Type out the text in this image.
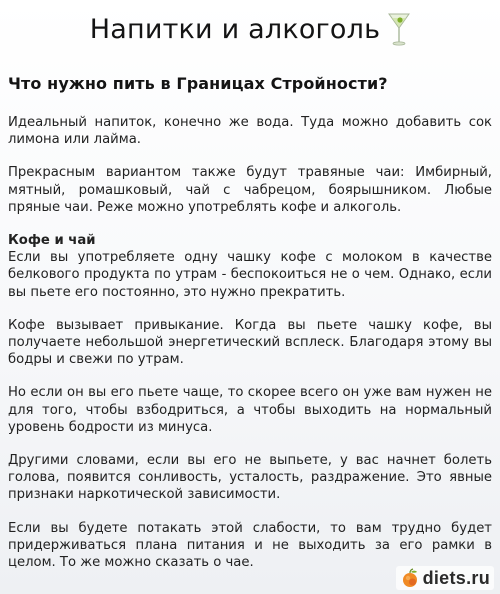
Напитки и алкоголь
Что нужно пить в Границах Стройности?
Идеальный напиток, конечно же вода. Туда можно добавить сок лимона или лайма.
Прекрасным вариантом также будут травяные чаи: Имбирный, мятный, ромашковый, чай с чабрецом, боярышником. Любые пряные чаи. Реже можно употреблять кофе и алкоголь.
Кофе и чай
Если вы употребляете одну чашку кофе с молоком в качестве белкового продукта по утрам - беспокоиться не о чем. Однако, если вы пьете его постоянно, это нужно прекратить.
Кофе вызывает привыкание. Когда вы пьете чашку кофе, вы получаете небольшой энергетический всплеск. Благодаря этому вы бодры и свежи по утрам.
Но если он вы его пьете чаще, то скорее всего он уже вам нужен не для того, чтобы взбодриться, а чтобы выходить на нормальный уровень бодрости из минуса.
Другими словами, если вы его не выпьете, у вас начнет болеть голова, появится сонливость, усталость, раздражение. Это явные признаки наркотической зависимости.
Если вы будете потакать этой слабости, то вам трудно будет придерживаться плана питания и не выходить за его рамки в целом. То же можно сказать о чае.
diets.ru
